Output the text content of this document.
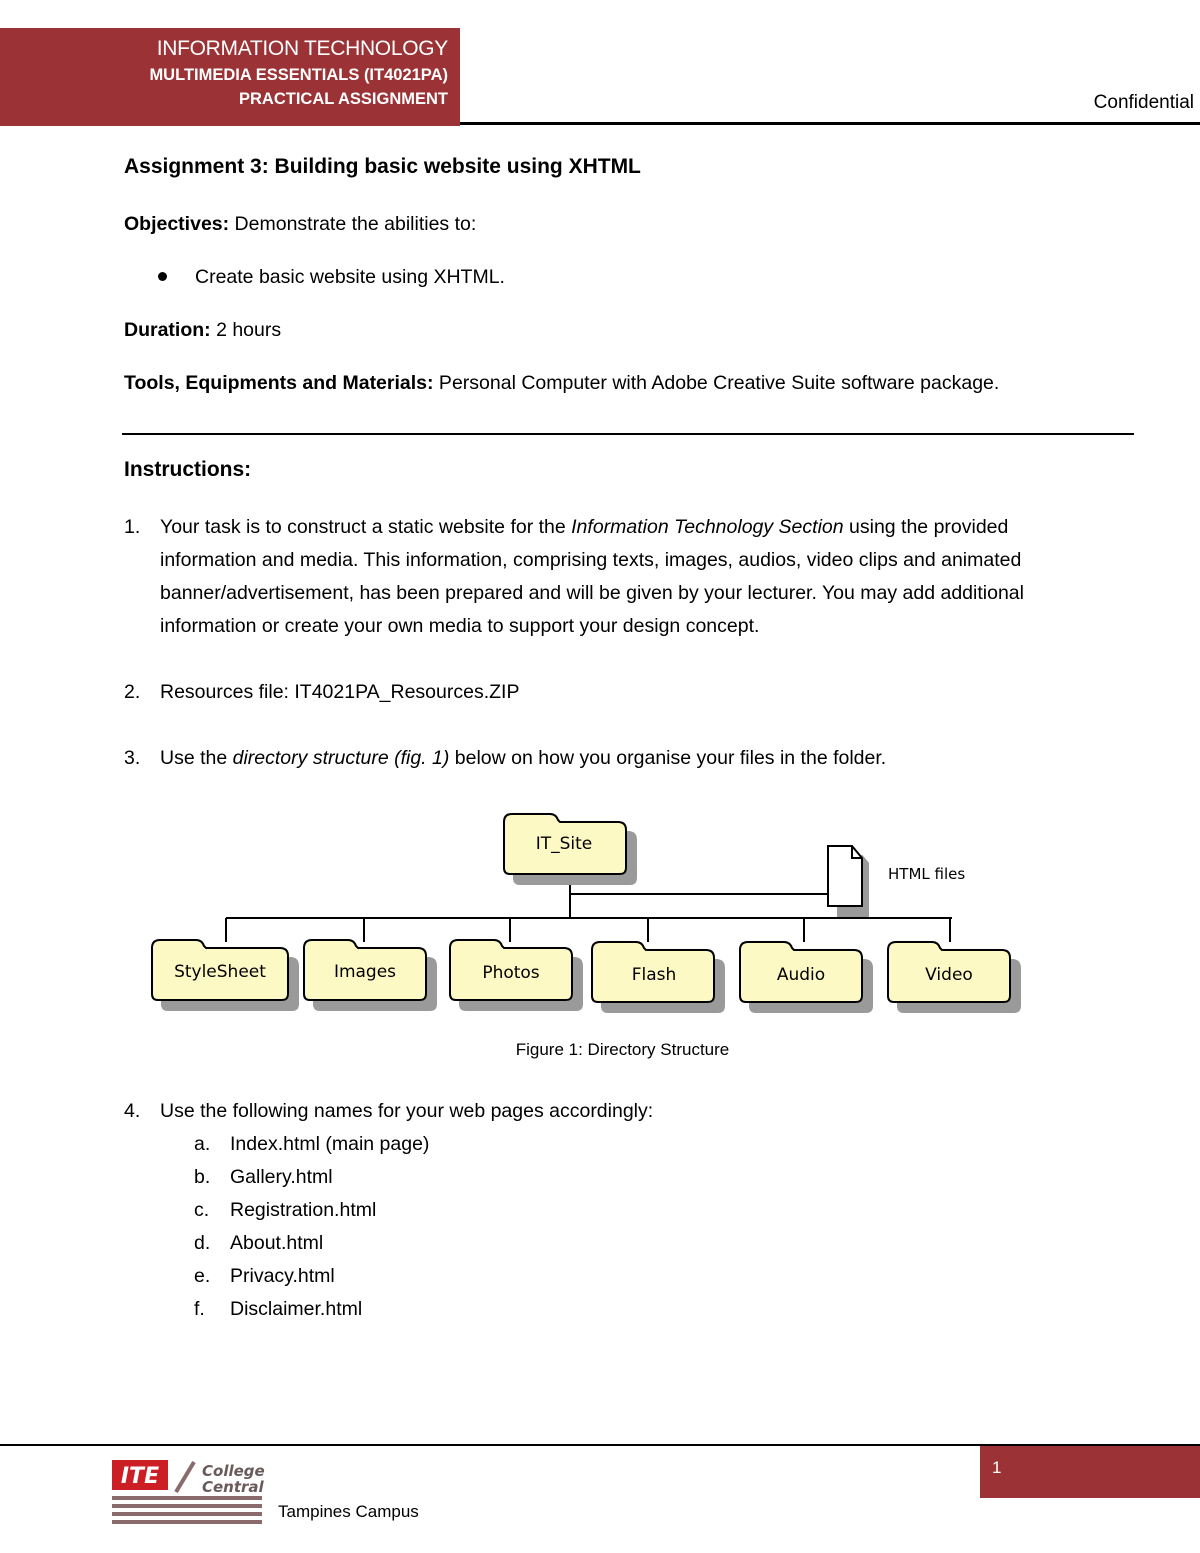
INFORMATION TECHNOLOGY
MULTIMEDIA ESSENTIALS (IT4021PA)
PRACTICAL ASSIGNMENT	Confidential
Assignment 3: Building basic website using XHTML
Objectives: Demonstrate the abilities to:
Create basic website using XHTML.
Duration: 2 hours
Tools, Equipments and Materials: Personal Computer with Adobe Creative Suite software package.
Instructions:
1. Your task is to construct a static website for the Information Technology Section using the provided
information and media. This information, comprising texts, images, audios, video clips and animated
banner/advertisement, has been prepared and will be given by your lecturer. You may add additional
information or create your own media to support your design concept.
2. Resources file: IT4021PA_Resources.ZIP
3. Use the directory structure (fig. 1) below on how you organise your files in the folder.
IT_Site
HTML files
StyleSheet	Images	Photos	Flash	Audio	Video
Figure 1: Directory Structure
4. Use the following names for your web pages accordingly:
a. Index.html (main page)
b. Gallery.html
c. Registration.html
d. About.html
e. Privacy.html
f. Disclaimer.html
1
ITE	College
Central
Tampines Campus
